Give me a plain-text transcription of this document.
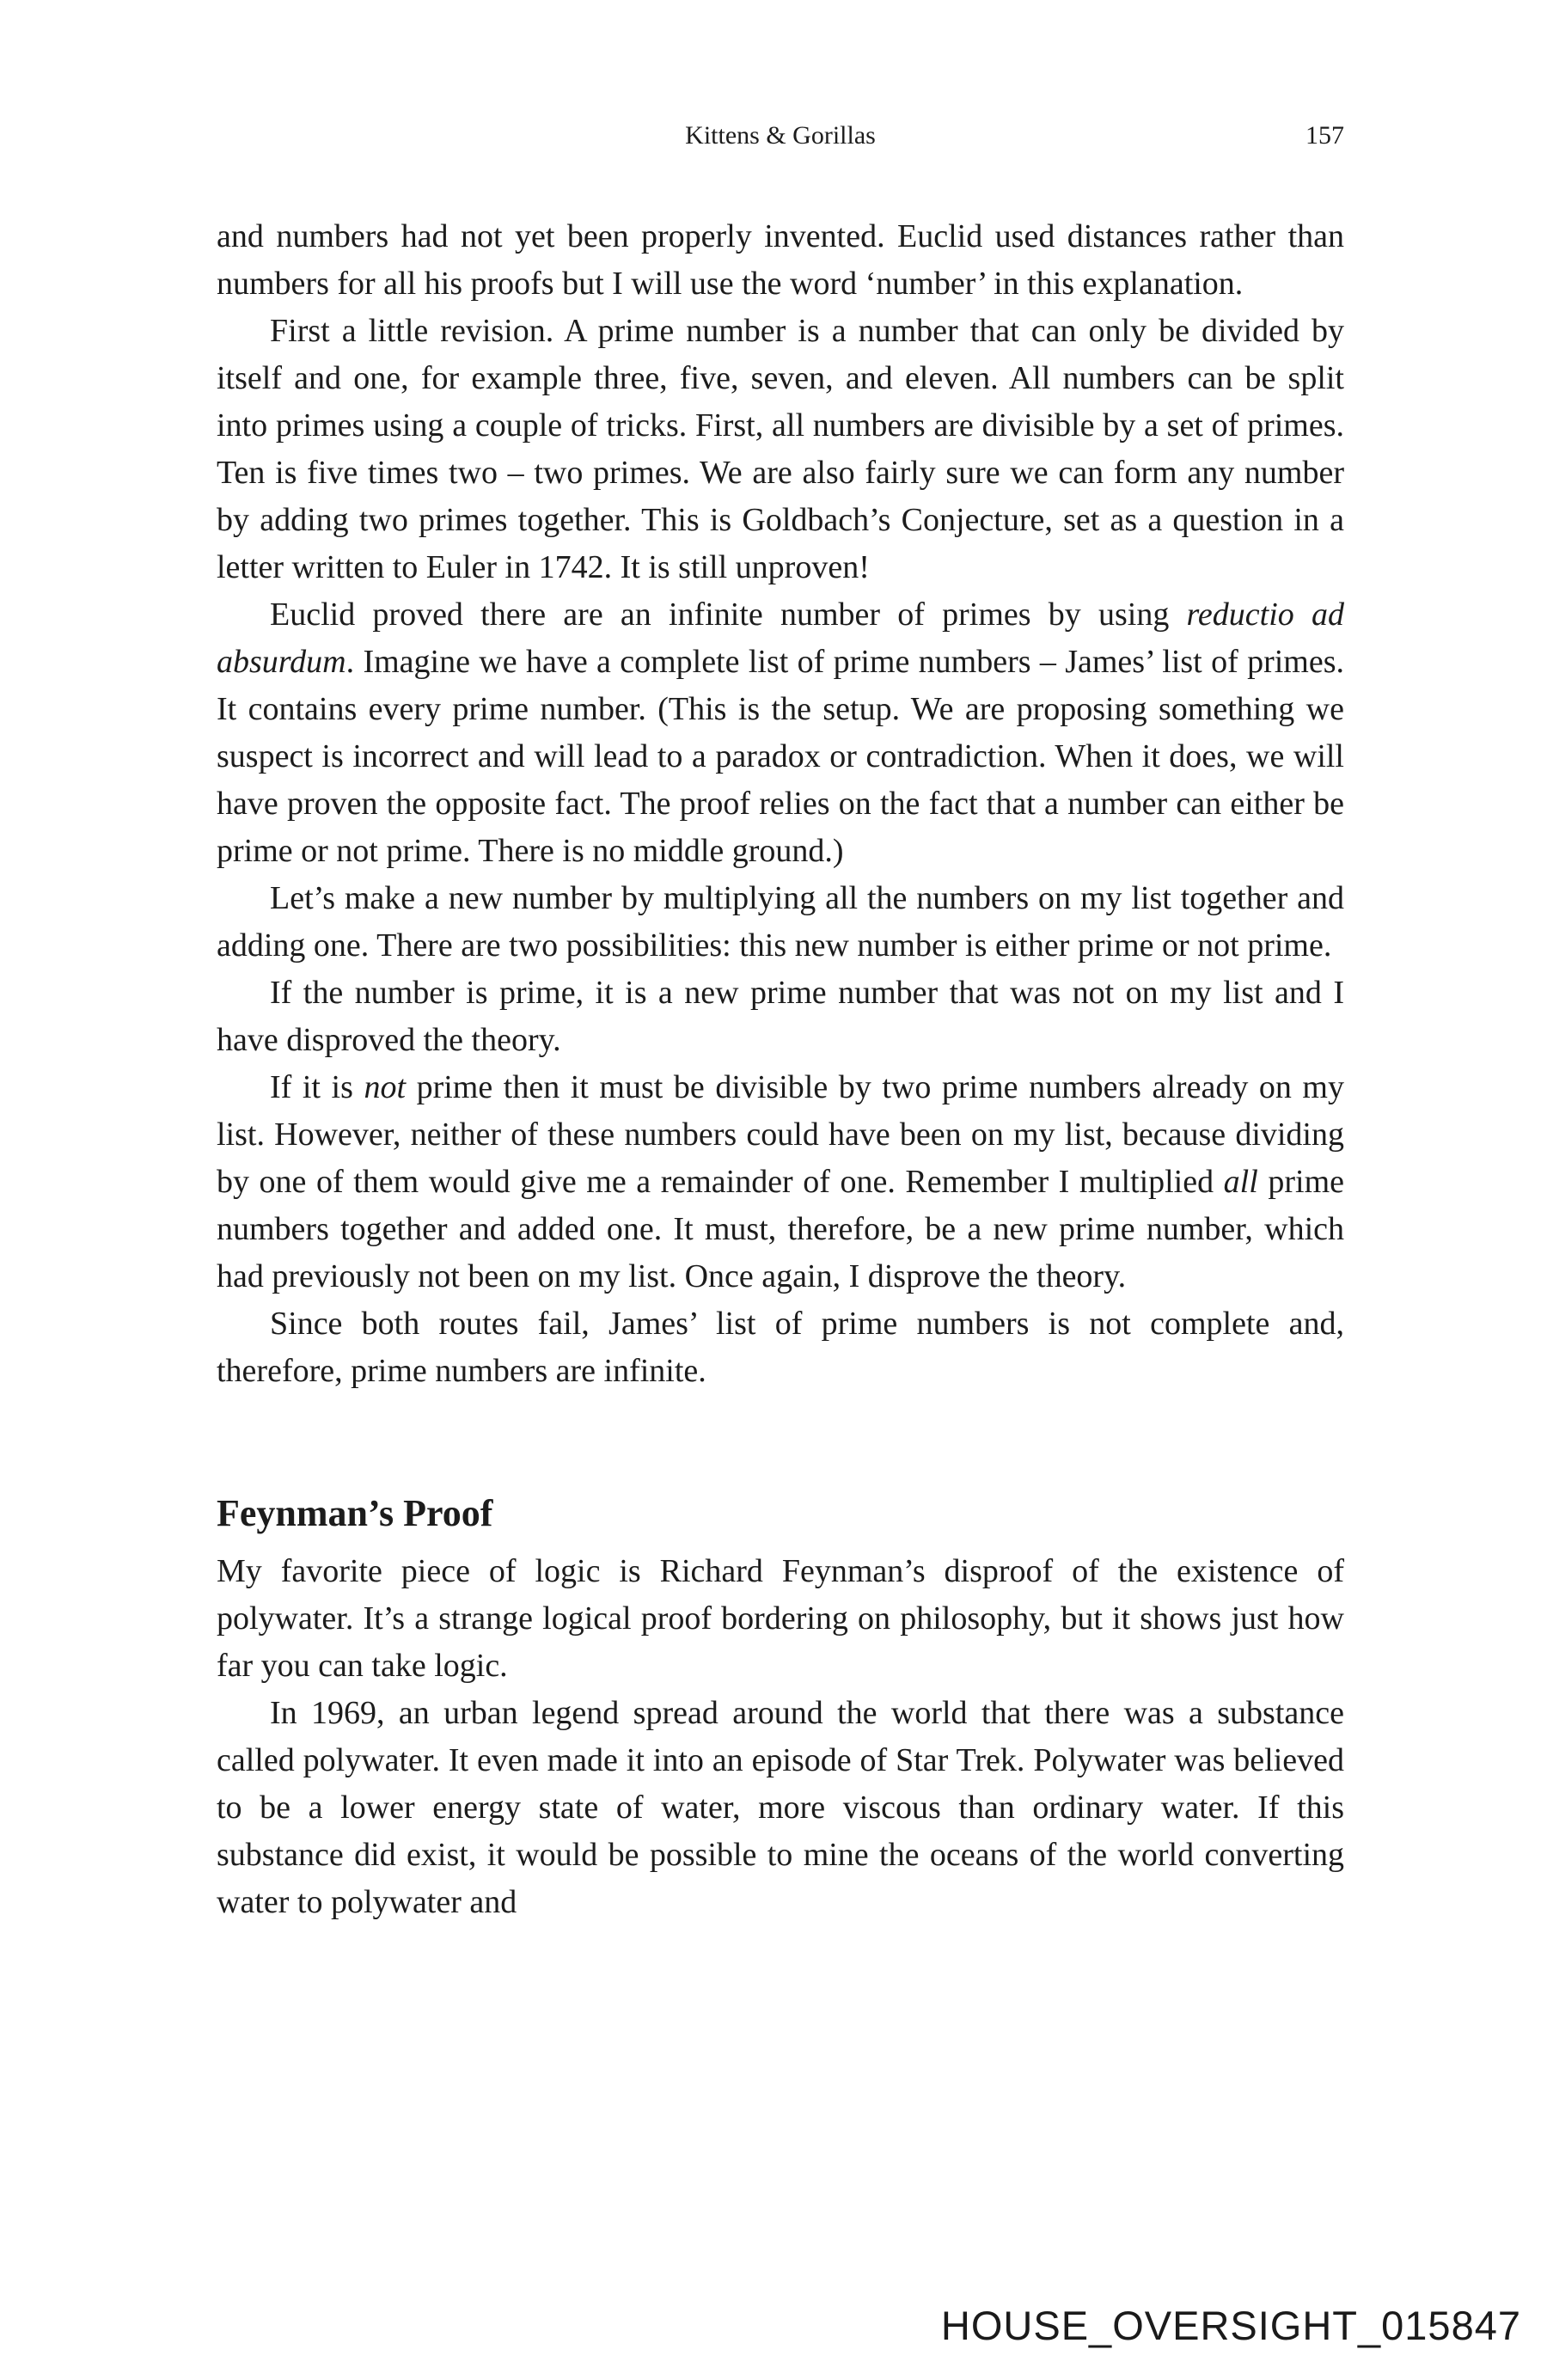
Kittens & Gorillas	157

and numbers had not yet been properly invented. Euclid used distances rather than numbers for all his proofs but I will use the word ‘number’ in this explanation.

First a little revision. A prime number is a number that can only be divided by itself and one, for example three, five, seven, and eleven. All numbers can be split into primes using a couple of tricks. First, all numbers are divisible by a set of primes. Ten is five times two – two primes. We are also fairly sure we can form any number by adding two primes together. This is Goldbach’s Conjecture, set as a question in a letter written to Euler in 1742. It is still unproven!

Euclid proved there are an infinite number of primes by using reductio ad absurdum. Imagine we have a complete list of prime numbers – James’ list of primes. It contains every prime number. (This is the setup. We are proposing something we suspect is incorrect and will lead to a paradox or contradiction. When it does, we will have proven the opposite fact. The proof relies on the fact that a number can either be prime or not prime. There is no middle ground.)

Let’s make a new number by multiplying all the numbers on my list together and adding one. There are two possibilities: this new number is either prime or not prime.

If the number is prime, it is a new prime number that was not on my list and I have disproved the theory.

If it is not prime then it must be divisible by two prime numbers already on my list. However, neither of these numbers could have been on my list, because dividing by one of them would give me a remainder of one. Remember I multiplied all prime numbers together and added one. It must, therefore, be a new prime number, which had previously not been on my list. Once again, I disprove the theory.

Since both routes fail, James’ list of prime numbers is not complete and, therefore, prime numbers are infinite.

Feynman’s Proof

My favorite piece of logic is Richard Feynman’s disproof of the existence of polywater. It’s a strange logical proof bordering on philosophy, but it shows just how far you can take logic.

In 1969, an urban legend spread around the world that there was a substance called polywater. It even made it into an episode of Star Trek. Polywater was believed to be a lower energy state of water, more viscous than ordinary water. If this substance did exist, it would be possible to mine the oceans of the world converting water to polywater and

HOUSE_OVERSIGHT_015847
